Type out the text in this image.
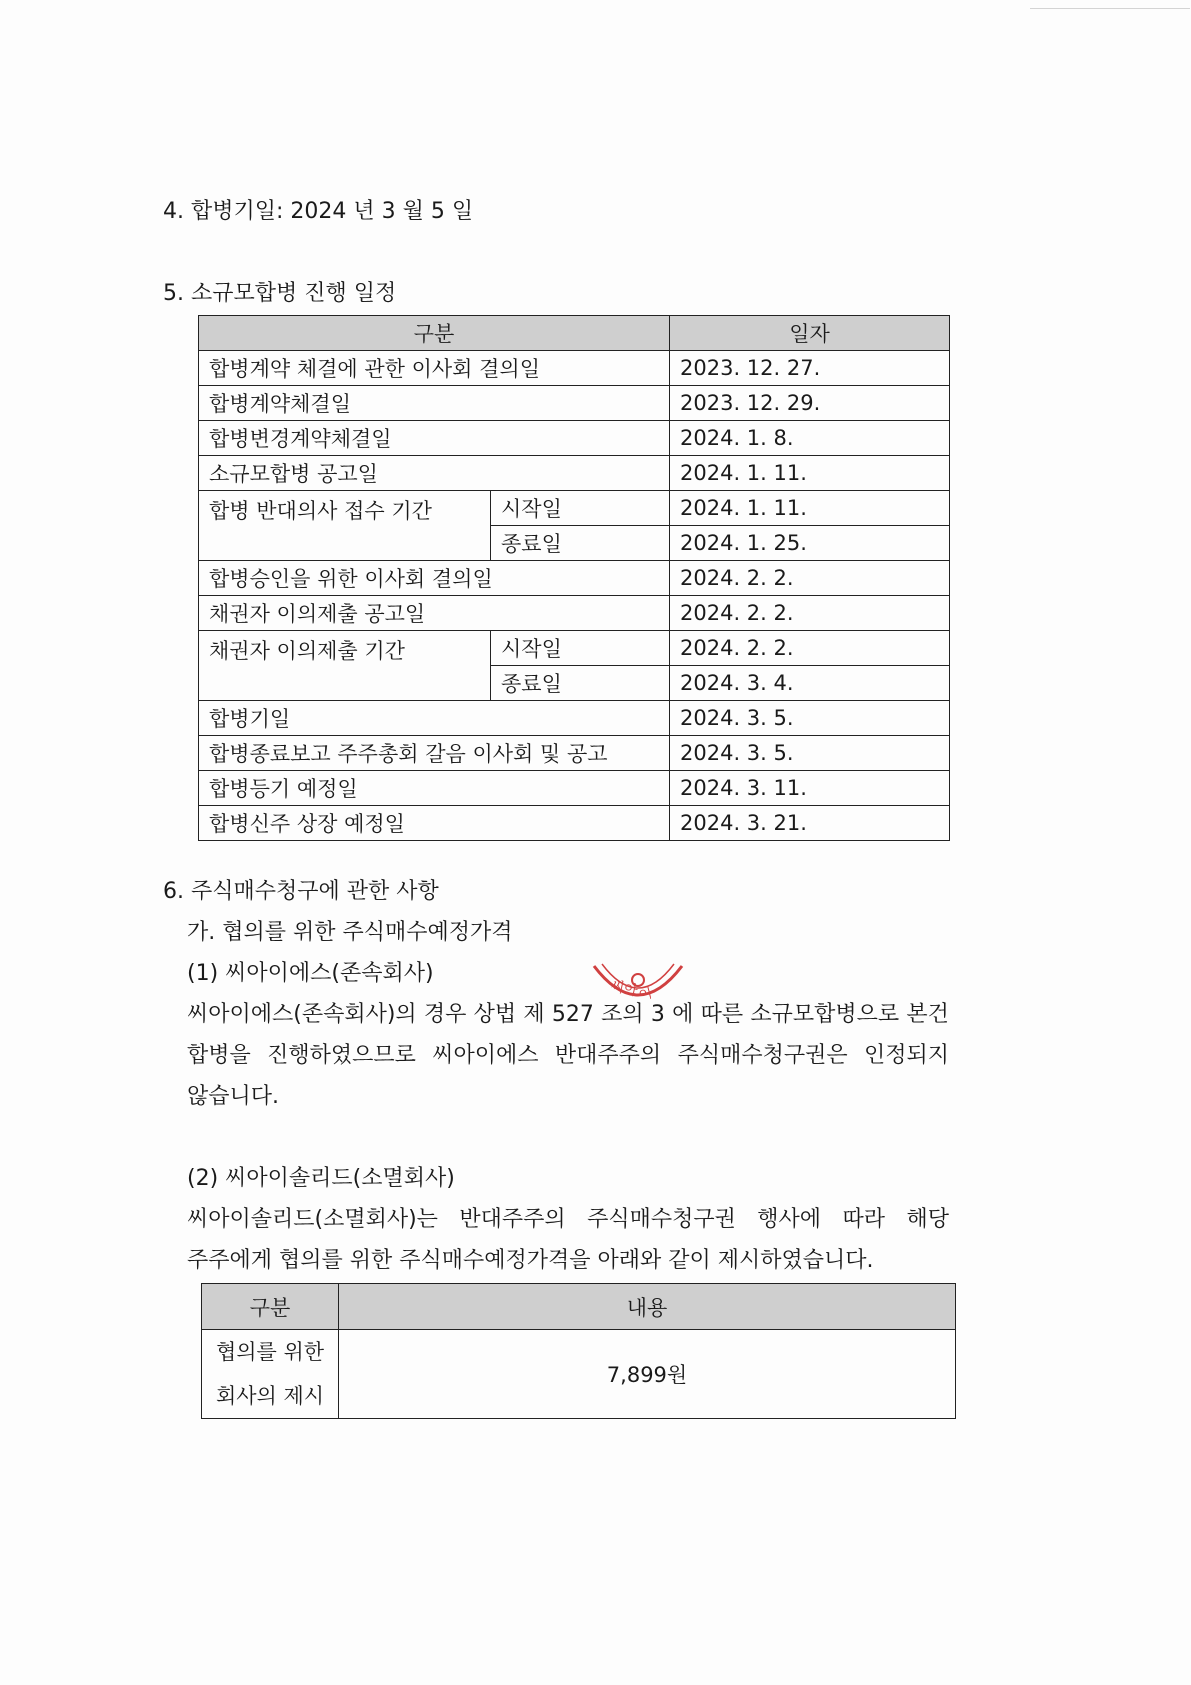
4. 합병기일: 2024 년 3 월 5 일
5. 소규모합병 진행 일정
구분		일자
합병계약 체결에 관한 이사회 결의일		2023. 12. 27.
합병계약체결일		2023. 12. 29.
합병변경계약체결일		2024. 1. 8.
소규모합병 공고일		2024. 1. 11.
합병 반대의사 접수 기간	시작일	2024. 1. 11.
	종료일	2024. 1. 25.
합병승인을 위한 이사회 결의일		2024. 2. 2.
채권자 이의제출 공고일		2024. 2. 2.
채권자 이의제출 기간	시작일	2024. 2. 2.
	종료일	2024. 3. 4.
합병기일		2024. 3. 5.
합병종료보고 주주총회 갈음 이사회 및 공고		2024. 3. 5.
합병등기 예정일		2024. 3. 11.
합병신주 상장 예정일		2024. 3. 21.
6. 주식매수청구에 관한 사항
가. 협의를 위한 주식매수예정가격
씨아
이
(1) 씨아이에스(존속회사)
씨아이에스(존속회사)의 경우 상법 제 527 조의 3 에 따른 소규모합병으로 본건
합병을 진행하였으므로 씨아이에스 반대주주의 주식매수청구권은 인정되지
않습니다.
(2) 씨아이솔리드(소멸회사)
씨아이솔리드(소멸회사)는 반대주주의 주식매수청구권 행사에 따라 해당
주주에게 협의를 위한 주식매수예정가격을 아래와 같이 제시하였습니다.
구분	내용
협의를 위한 회사의 제시	7,899원
